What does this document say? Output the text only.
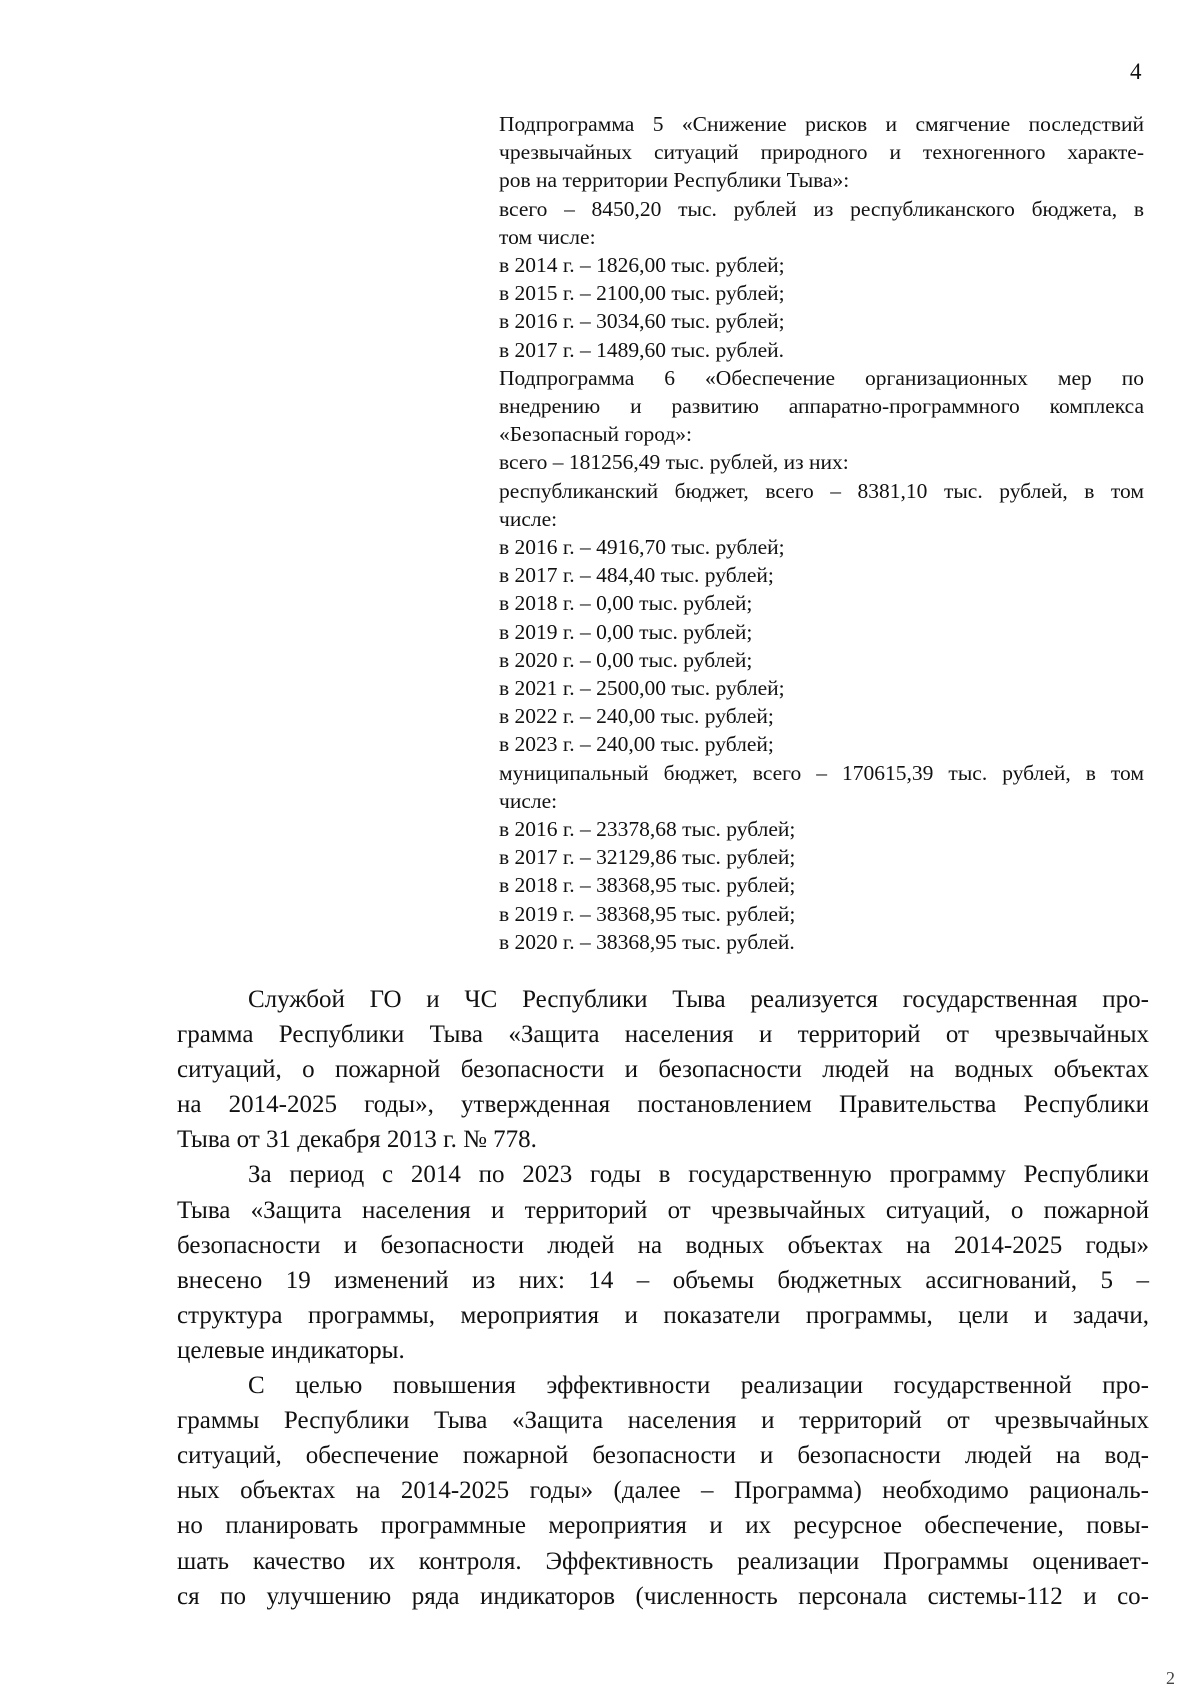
4
Подпрограмма 5 «Снижение рисков и смягчение последствий
чрезвычайных ситуаций природного и техногенного характе-
ров на территории Республики Тыва»:
всего – 8450,20 тыс. рублей из республиканского бюджета, в
том числе:
в 2014 г. – 1826,00 тыс. рублей;
в 2015 г. – 2100,00 тыс. рублей;
в 2016 г. – 3034,60 тыс. рублей;
в 2017 г. – 1489,60 тыс. рублей.
Подпрограмма 6 «Обеспечение организационных мер по
внедрению и развитию аппаратно-программного комплекса
«Безопасный город»:
всего – 181256,49 тыс. рублей, из них:
республиканский бюджет, всего – 8381,10 тыс. рублей, в том
числе:
в 2016 г. – 4916,70 тыс. рублей;
в 2017 г. – 484,40 тыс. рублей;
в 2018 г. – 0,00 тыс. рублей;
в 2019 г. – 0,00 тыс. рублей;
в 2020 г. – 0,00 тыс. рублей;
в 2021 г. – 2500,00 тыс. рублей;
в 2022 г. – 240,00 тыс. рублей;
в 2023 г. – 240,00 тыс. рублей;
муниципальный бюджет, всего – 170615,39 тыс. рублей, в том
числе:
в 2016 г. – 23378,68 тыс. рублей;
в 2017 г. – 32129,86 тыс. рублей;
в 2018 г. – 38368,95 тыс. рублей;
в 2019 г. – 38368,95 тыс. рублей;
в 2020 г. – 38368,95 тыс. рублей.
Службой ГО и ЧС Республики Тыва реализуется государственная про-
грамма Республики Тыва «Защита населения и территорий от чрезвычайных
ситуаций, о пожарной безопасности и безопасности людей на водных объектах
на 2014-2025 годы», утвержденная постановлением Правительства Республики
Тыва от 31 декабря 2013 г. № 778.
За период с 2014 по 2023 годы в государственную программу Республики
Тыва «Защита населения и территорий от чрезвычайных ситуаций, о пожарной
безопасности и безопасности людей на водных объектах на 2014-2025 годы»
внесено 19 изменений из них: 14 – объемы бюджетных ассигнований, 5 –
структура программы, мероприятия и показатели программы, цели и задачи,
целевые индикаторы.
С целью повышения эффективности реализации государственной про-
граммы Республики Тыва «Защита населения и территорий от чрезвычайных
ситуаций, обеспечение пожарной безопасности и безопасности людей на вод-
ных объектах на 2014-2025 годы» (далее – Программа) необходимо рациональ-
но планировать программные мероприятия и их ресурсное обеспечение, повы-
шать качество их контроля. Эффективность реализации Программы оценивает-
ся по улучшению ряда индикаторов (численность персонала системы-112 и со-
2
